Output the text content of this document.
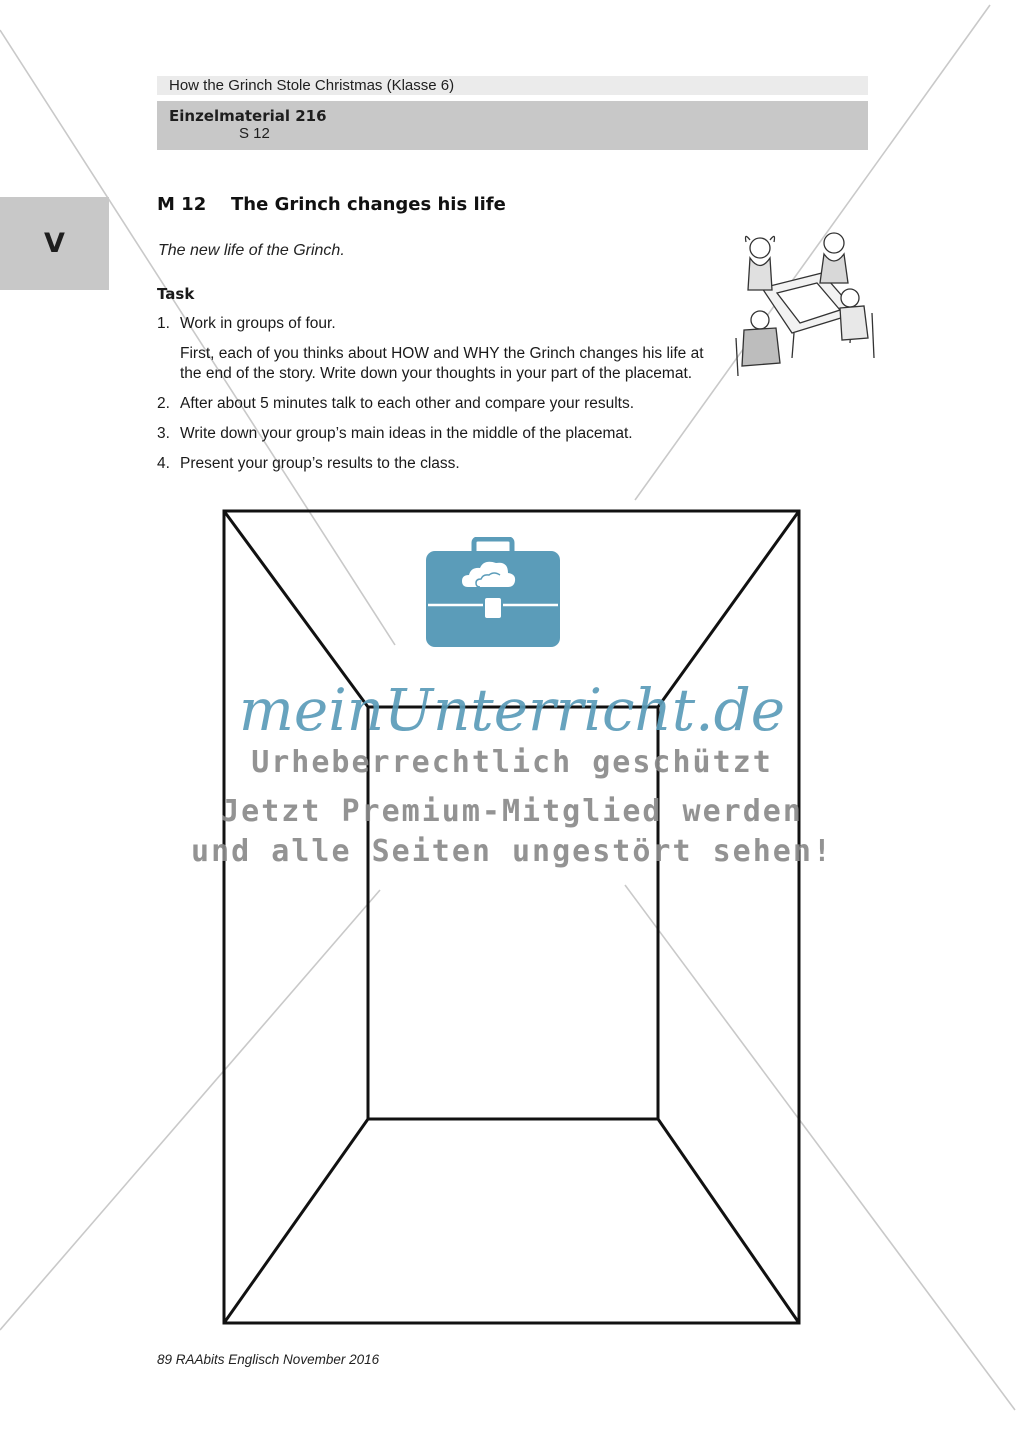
How the Grinch Stole Christmas (Klasse 6)
Einzelmaterial 216
S 12
V
M 12 The Grinch changes his life
The new life of the Grinch.
Task
1. Work in groups of four.
First, each of you thinks about HOW and WHY the Grinch changes his life at the end of the story. Write down your thoughts in your part of the placemat.
2. After about 5 minutes talk to each other and compare your results.
3. Write down your group’s main ideas in the middle of the placemat.
4. Present your group’s results to the class.
meinUnterricht.de
Urheberrechtlich geschützt
Jetzt Premium-Mitglied werden
und alle Seiten ungestört sehen!
89 RAAbits Englisch November 2016
